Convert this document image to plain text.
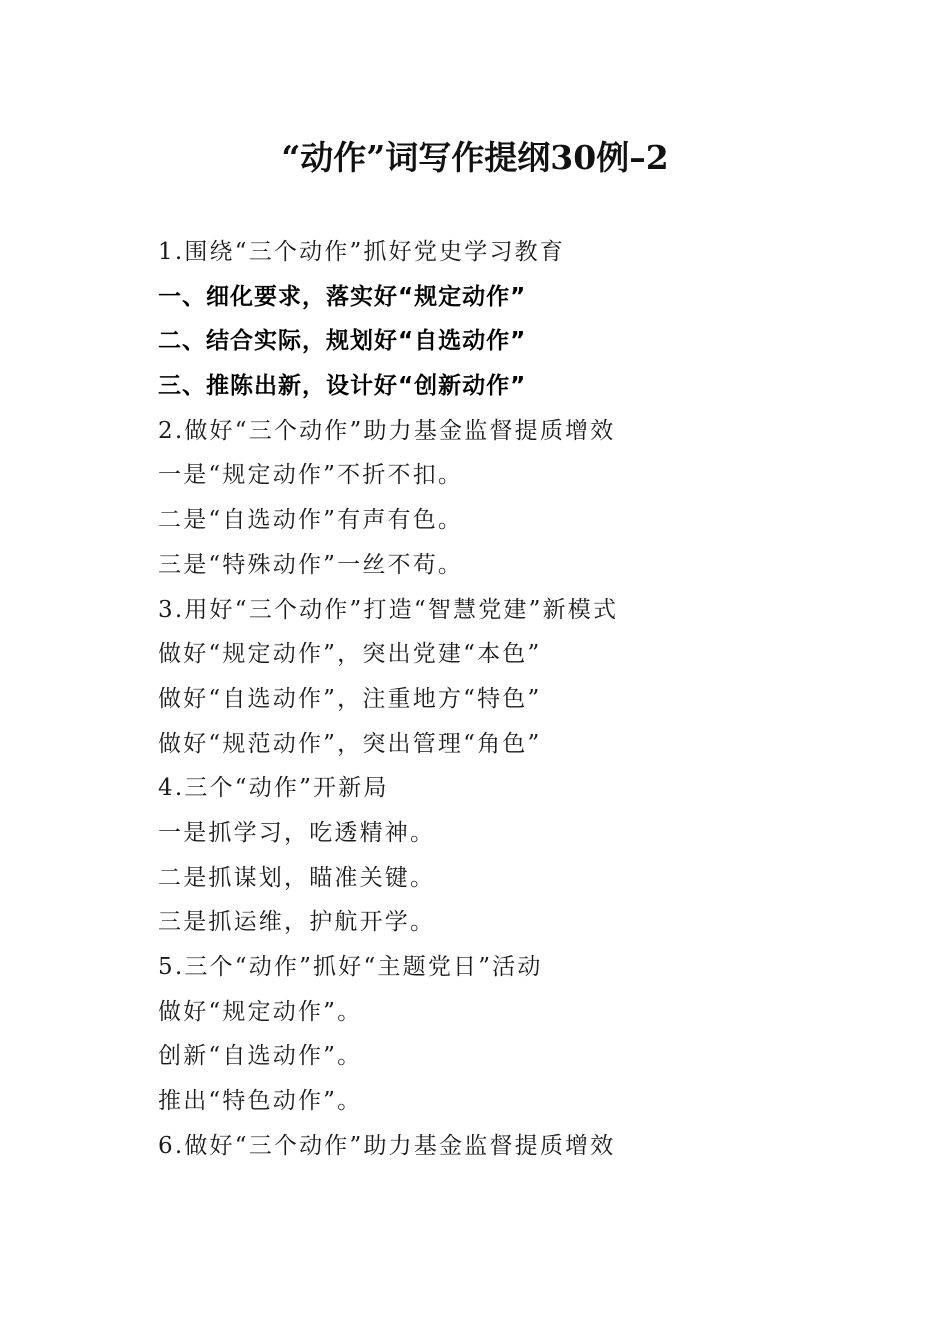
“动作”词写作提纲30例–2
1.围绕“三个动作”抓好党史学习教育
一、细化要求，落实好“规定动作”
二、结合实际，规划好“自选动作”
三、推陈出新，设计好“创新动作”
2.做好“三个动作”助力基金监督提质增效
一是“规定动作”不折不扣。
二是“自选动作”有声有色。
三是“特殊动作”一丝不苟。
3.用好“三个动作”打造“智慧党建”新模式
做好“规定动作”，突出党建“本色”
做好“自选动作”，注重地方“特色”
做好“规范动作”，突出管理“角色”
4.三个“动作”开新局
一是抓学习，吃透精神。
二是抓谋划，瞄准关键。
三是抓运维，护航开学。
5.三个“动作”抓好“主题党日”活动
做好“规定动作”。
创新“自选动作”。
推出“特色动作”。
6.做好“三个动作”助力基金监督提质增效
